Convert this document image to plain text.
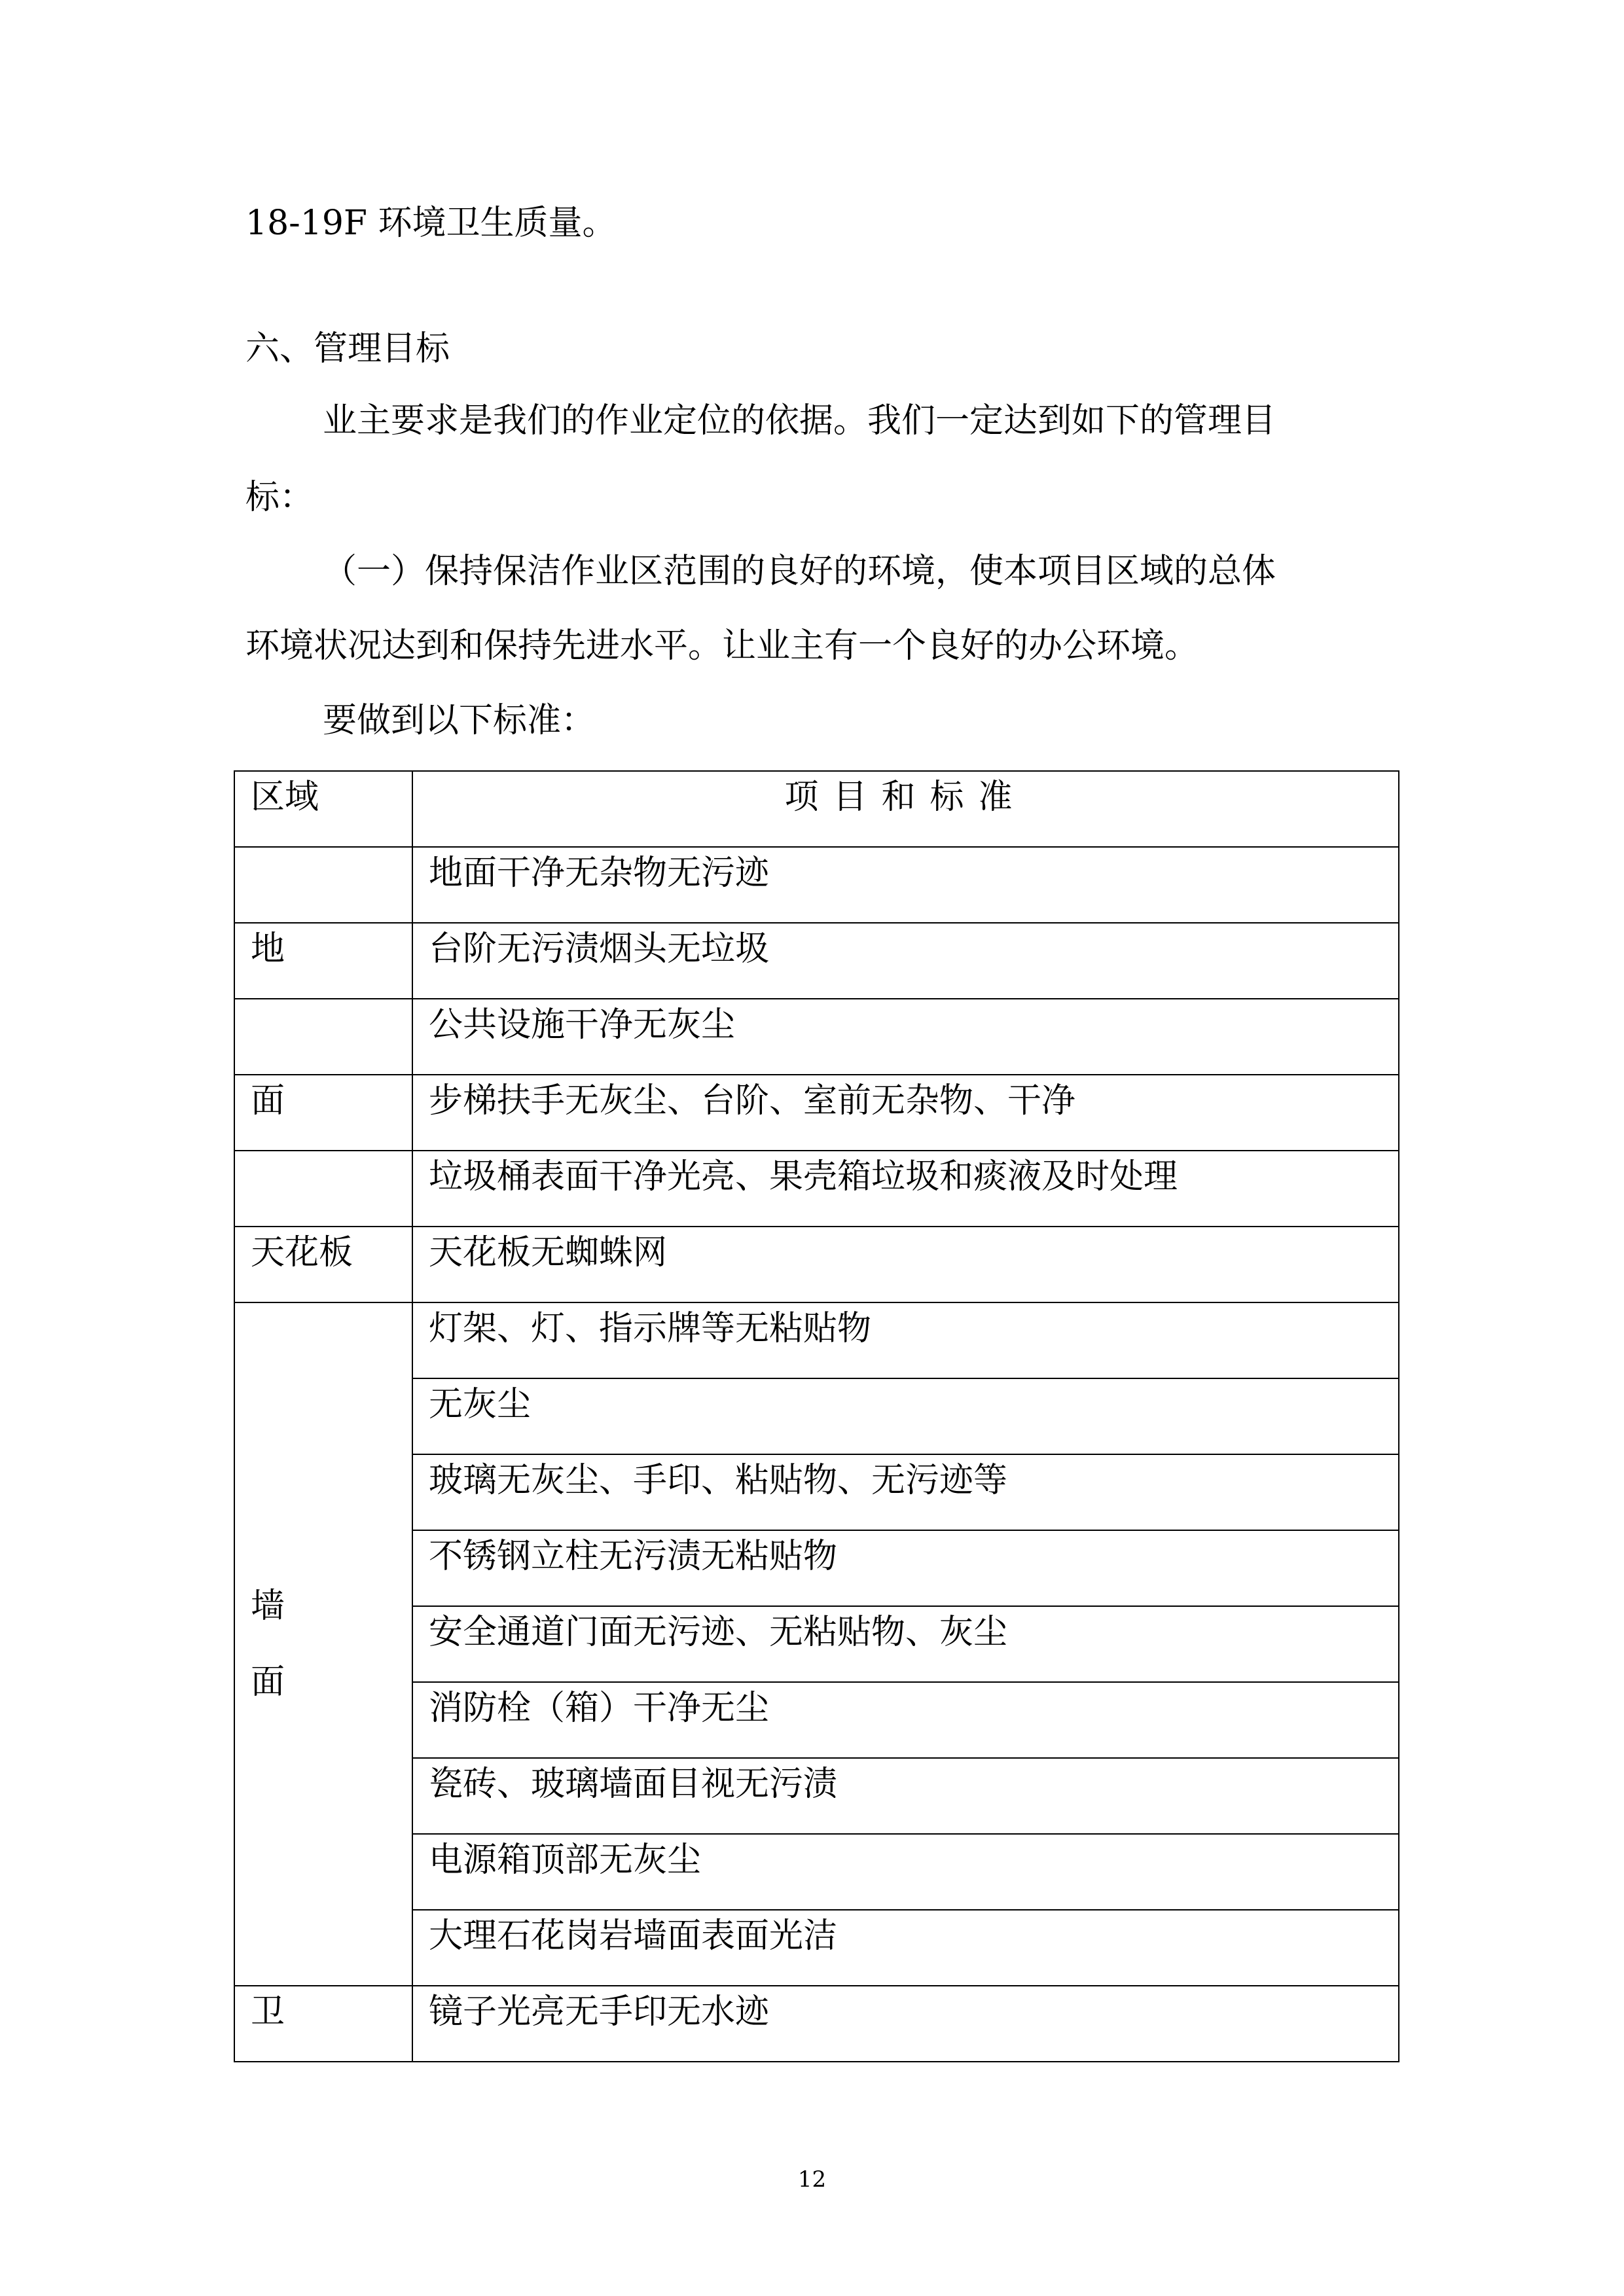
18-19F 环境卫生质量。
六、管理目标
业主要求是我们的作业定位的依据。我们一定达到如下的管理目
标：
（一）保持保洁作业区范围的良好的环境，使本项目区域的总体
环境状况达到和保持先进水平。让业主有一个良好的办公环境。
要做到以下标准：
区域	项目和标准
	地面干净无杂物无污迹
地	台阶无污渍烟头无垃圾
	公共设施干净无灰尘
面	步梯扶手无灰尘、台阶、室前无杂物、干净
	垃圾桶表面干净光亮、果壳箱垃圾和痰液及时处理
天花板	天花板无蜘蛛网

墙
面	灯架、灯、指示牌等无粘贴物
	无灰尘
	玻璃无灰尘、手印、粘贴物、无污迹等
	不锈钢立柱无污渍无粘贴物
	安全通道门面无污迹、无粘贴物、灰尘
	消防栓（箱）干净无尘
	瓷砖、玻璃墙面目视无污渍
	电源箱顶部无灰尘
	大理石花岗岩墙面表面光洁
卫	镜子光亮无手印无水迹
12
